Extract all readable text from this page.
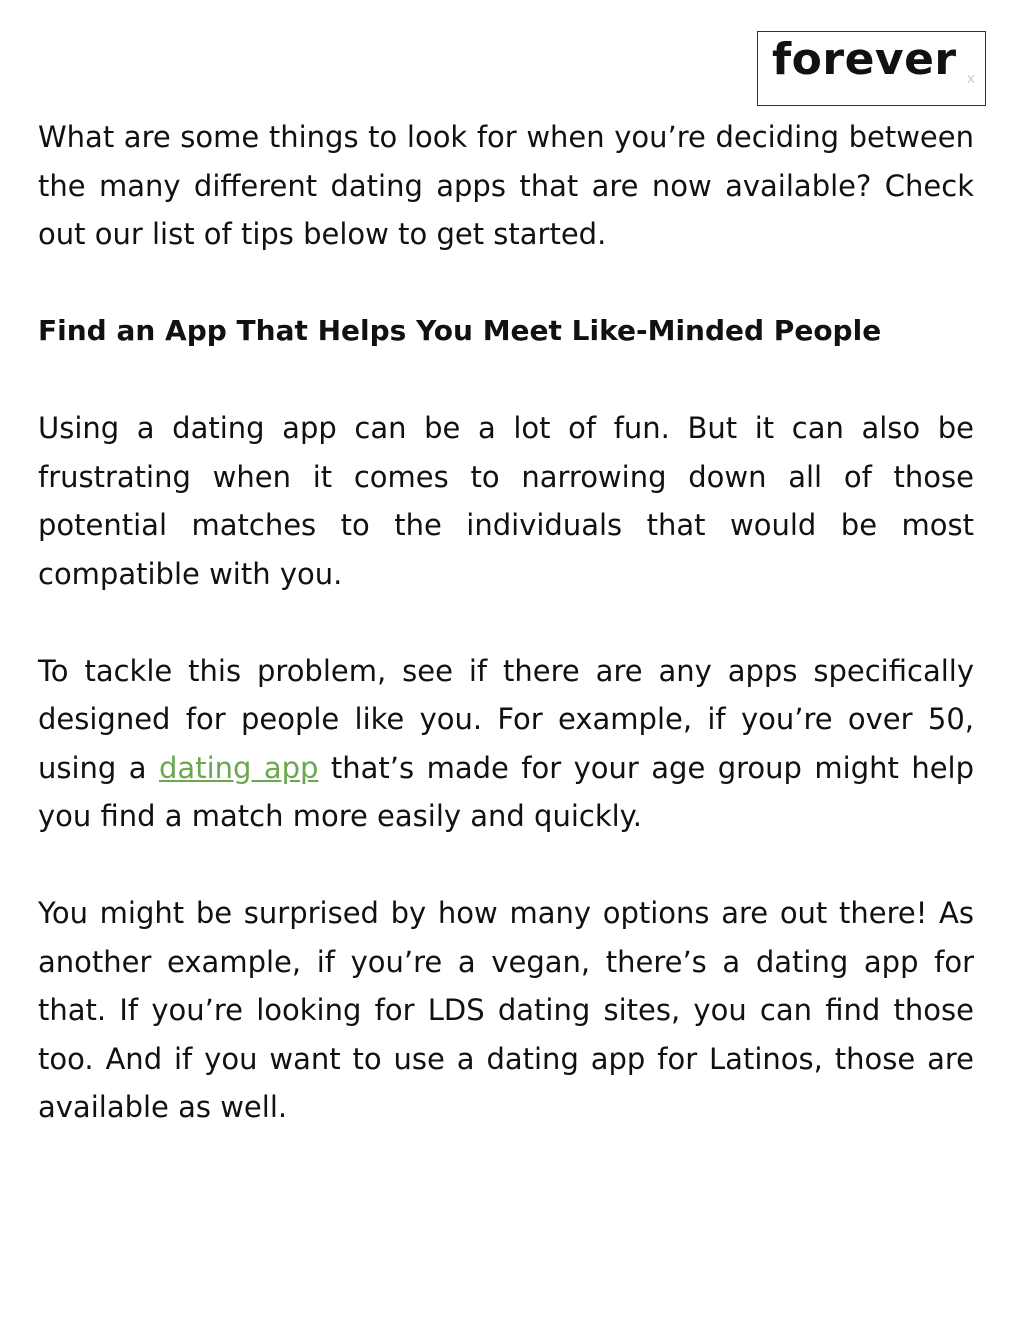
forever x

What are some things to look for when you’re deciding between the many different dating apps that are now available? Check out our list of tips below to get started.

Find an App That Helps You Meet Like-Minded People

Using a dating app can be a lot of fun. But it can also be frustrating when it comes to narrowing down all of those potential matches to the individuals that would be most compatible with you.

To tackle this problem, see if there are any apps specifically designed for people like you. For example, if you’re over 50, using a dating app that’s made for your age group might help you find a match more easily and quickly.

You might be surprised by how many options are out there! As another example, if you’re a vegan, there’s a dating app for that. If you’re looking for LDS dating sites, you can find those too. And if you want to use a dating app for Latinos, those are available as well.
